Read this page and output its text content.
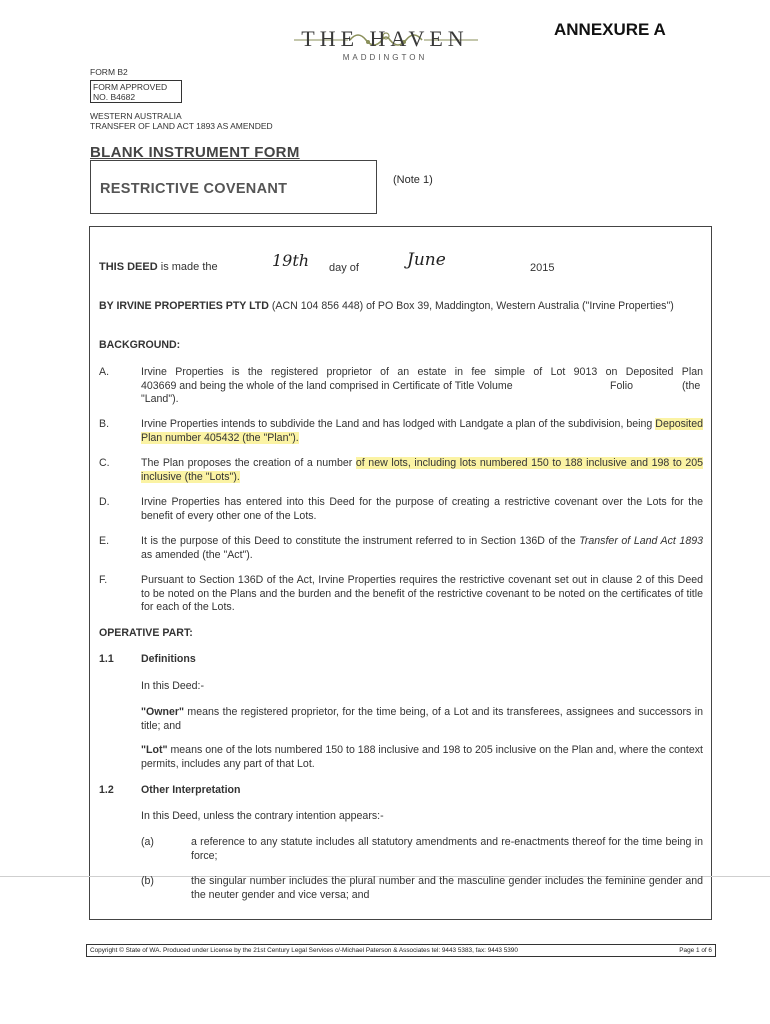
ANNEXURE A
THE HAVEN
MADDINGTON
FORM B2
FORM APPROVED
NO. B4682
WESTERN AUSTRALIA
TRANSFER OF LAND ACT 1893 AS AMENDED
BLANK INSTRUMENT FORM
RESTRICTIVE COVENANT
(Note 1)
THIS DEED is made the	19th day of	June	2015
BY IRVINE PROPERTIES PTY LTD (ACN 104 856 448) of PO Box 39, Maddington, Western Australia ("Irvine Properties")
BACKGROUND:
A.	Irvine Properties is the registered proprietor of an estate in fee simple of Lot 9013 on Deposited Plan
403669 and being the whole of the land comprised in Certificate of Title Volume	Folio	(the
"Land").
B.	Irvine Properties intends to subdivide the Land and has lodged with Landgate a plan of the subdivision, being Deposited Plan number 405432 (the "Plan").
C.	The Plan proposes the creation of a number of new lots, including lots numbered 150 to 188 inclusive and 198 to 205 inclusive (the "Lots").
D.	Irvine Properties has entered into this Deed for the purpose of creating a restrictive covenant over the Lots for the benefit of every other one of the Lots.
E.	It is the purpose of this Deed to constitute the instrument referred to in Section 136D of the Transfer of Land Act 1893 as amended (the "Act").
F.	Pursuant to Section 136D of the Act, Irvine Properties requires the restrictive covenant set out in clause 2 of this Deed to be noted on the Plans and the burden and the benefit of the restrictive covenant to be noted on the certificates of title for each of the Lots.
OPERATIVE PART:
1.1	Definitions
In this Deed:-
"Owner" means the registered proprietor, for the time being, of a Lot and its transferees, assignees and successors in title; and
"Lot" means one of the lots numbered 150 to 188 inclusive and 198 to 205 inclusive on the Plan and, where the context permits, includes any part of that Lot.
1.2	Other Interpretation
In this Deed, unless the contrary intention appears:-
(a)	a reference to any statute includes all statutory amendments and re-enactments thereof for the time being in force;
(b)	the singular number includes the plural number and the masculine gender includes the feminine gender and the neuter gender and vice versa; and
Copyright © State of WA. Produced under License by the 21st Century Legal Services c/-Michael Paterson & Associates tel: 9443 5383, fax: 9443 5390	Page 1 of 6
